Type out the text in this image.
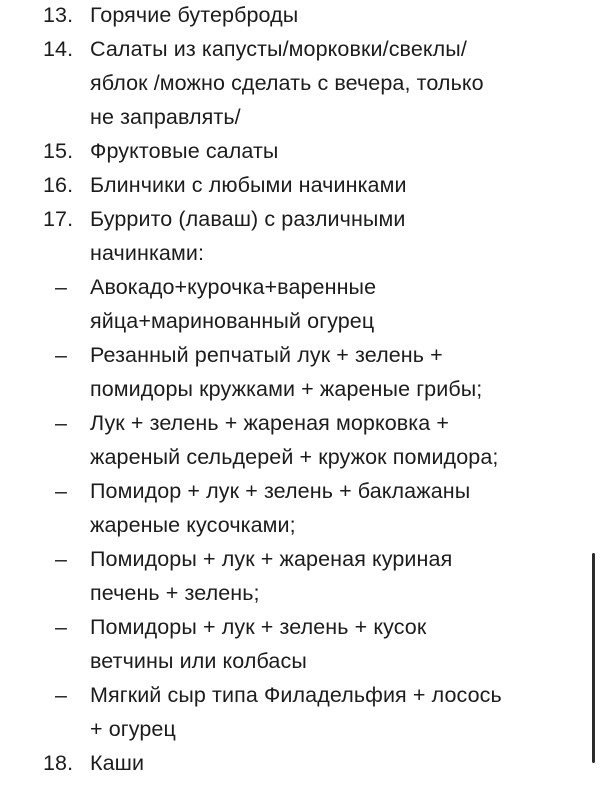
13. Горячие бутерброды
14. Салаты из капусты/морковки/свеклы/
яблок /можно сделать с вечера, только
не заправлять/
15. Фруктовые салаты
16. Блинчики с любыми начинками
17. Буррито (лаваш) с различными
начинками:
–	Авокадо+курочка+варенные
яйца+маринованный огурец
–	Резанный репчатый лук + зелень +
помидоры кружками + жареные грибы;
–	Лук + зелень + жареная морковка +
жареный сельдерей + кружок помидора;
–	Помидор + лук + зелень + баклажаны
жареные кусочками;
–	Помидоры + лук + жареная куриная
печень + зелень;
–	Помидоры + лук + зелень + кусок
ветчины или колбасы
–	Мягкий сыр типа Филадельфия + лосось
+ огурец
18. Каши
